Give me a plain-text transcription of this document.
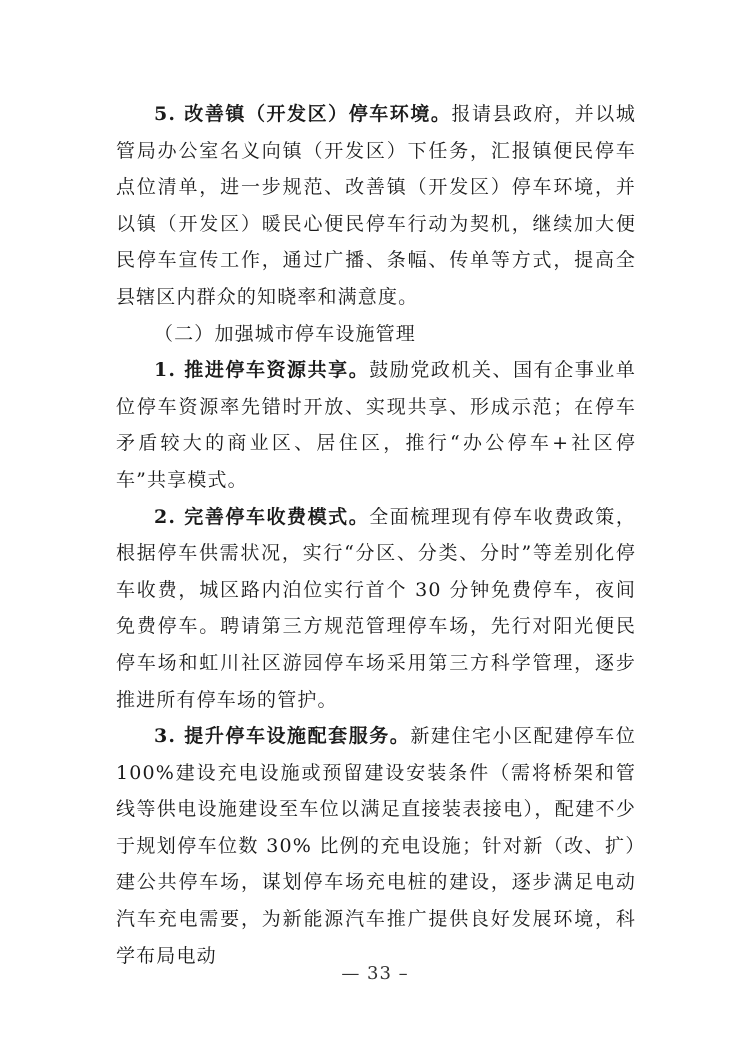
5. 改善镇（开发区）停车环境。报请县政府，并以城管局办公室名义向镇（开发区）下任务，汇报镇便民停车点位清单，进一步规范、改善镇（开发区）停车环境，并以镇（开发区）暖民心便民停车行动为契机，继续加大便民停车宣传工作，通过广播、条幅、传单等方式，提高全县辖区内群众的知晓率和满意度。

（二）加强城市停车设施管理

1. 推进停车资源共享。鼓励党政机关、国有企事业单位停车资源率先错时开放、实现共享、形成示范；在停车矛盾较大的商业区、居住区，推行“办公停车+社区停车”共享模式。

2. 完善停车收费模式。全面梳理现有停车收费政策，根据停车供需状况，实行“分区、分类、分时”等差别化停车收费，城区路内泊位实行首个 30 分钟免费停车，夜间免费停车。聘请第三方规范管理停车场，先行对阳光便民停车场和虹川社区游园停车场采用第三方科学管理，逐步推进所有停车场的管护。

3. 提升停车设施配套服务。新建住宅小区配建停车位 100%建设充电设施或预留建设安装条件（需将桥架和管线等供电设施建设至车位以满足直接装表接电），配建不少于规划停车位数 30% 比例的充电设施；针对新（改、扩）建公共停车场，谋划停车场充电桩的建设，逐步满足电动汽车充电需要，为新能源汽车推广提供良好发展环境，科学布局电动

— 33 –
